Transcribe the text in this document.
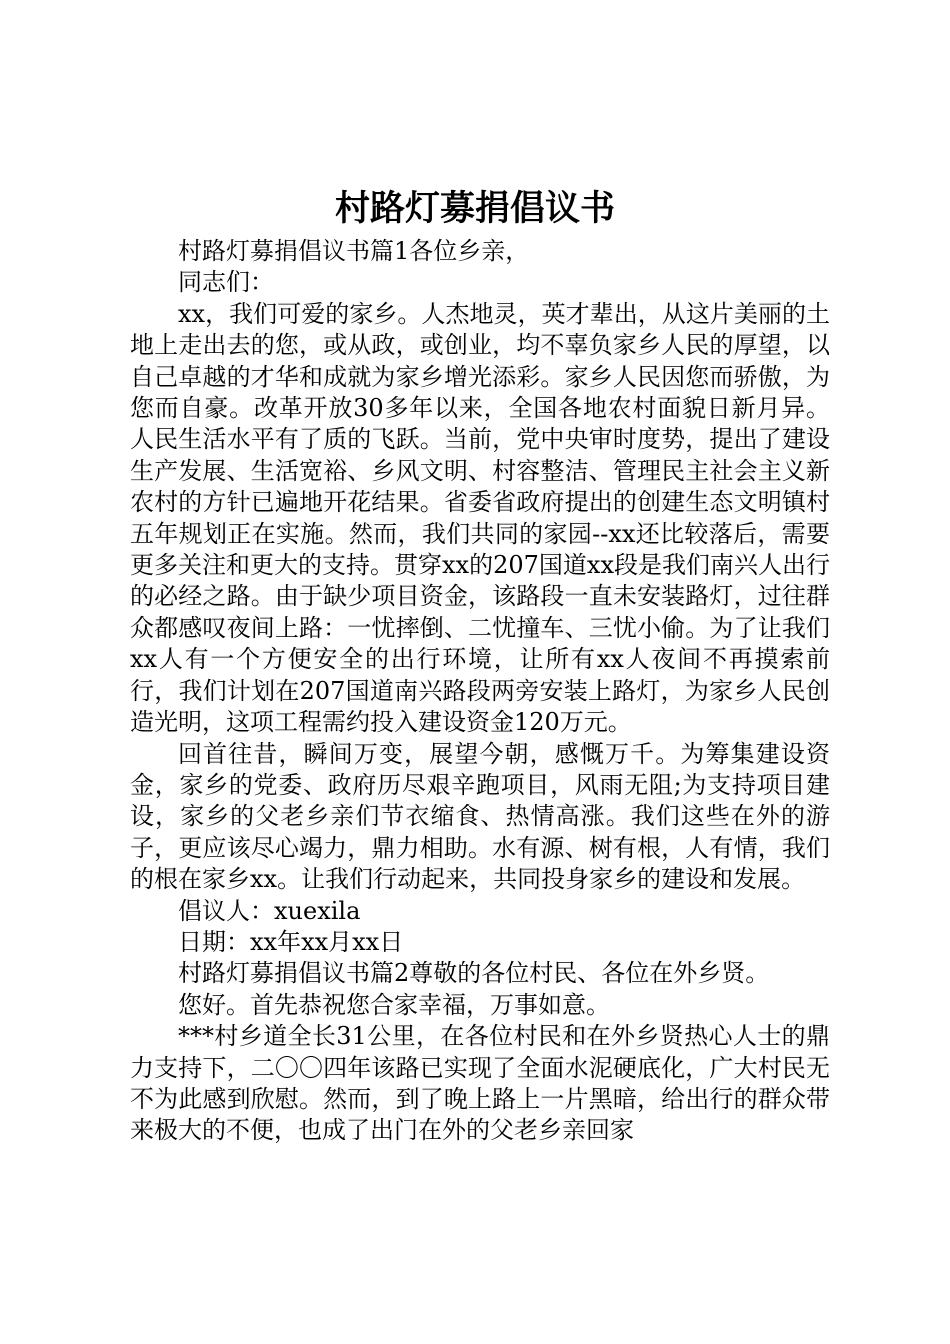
村路灯募捐倡议书

村路灯募捐倡议书篇1各位乡亲，

同志们：

xx，我们可爱的家乡。人杰地灵，英才辈出，从这片美丽的土地上走出去的您，或从政，或创业，均不辜负家乡人民的厚望，以自己卓越的才华和成就为家乡增光添彩。家乡人民因您而骄傲，为您而自豪。改革开放30多年以来，全国各地农村面貌日新月异。人民生活水平有了质的飞跃。当前，党中央审时度势，提出了建设生产发展、生活宽裕、乡风文明、村容整洁、管理民主社会主义新农村的方针已遍地开花结果。省委省政府提出的创建生态文明镇村五年规划正在实施。然而，我们共同的家园--xx还比较落后，需要更多关注和更大的支持。贯穿xx的207国道xx段是我们南兴人出行的必经之路。由于缺少项目资金，该路段一直未安装路灯，过往群众都感叹夜间上路：一忧摔倒、二忧撞车、三忧小偷。为了让我们xx人有一个方便安全的出行环境，让所有xx人夜间不再摸索前行，我们计划在207国道南兴路段两旁安装上路灯，为家乡人民创造光明，这项工程需约投入建设资金120万元。

回首往昔，瞬间万变，展望今朝，感慨万千。为筹集建设资金，家乡的党委、政府历尽艰辛跑项目，风雨无阻;为支持项目建设，家乡的父老乡亲们节衣缩食、热情高涨。我们这些在外的游子，更应该尽心竭力，鼎力相助。水有源、树有根，人有情，我们的根在家乡xx。让我们行动起来，共同投身家乡的建设和发展。

倡议人：xuexila

日期：xx年xx月xx日

村路灯募捐倡议书篇2尊敬的各位村民、各位在外乡贤。

您好。首先恭祝您合家幸福，万事如意。

***村乡道全长31公里，在各位村民和在外乡贤热心人士的鼎力支持下，二〇〇四年该路已实现了全面水泥硬底化，广大村民无不为此感到欣慰。然而，到了晚上路上一片黑暗，给出行的群众带来极大的不便，也成了出门在外的父老乡亲回家
